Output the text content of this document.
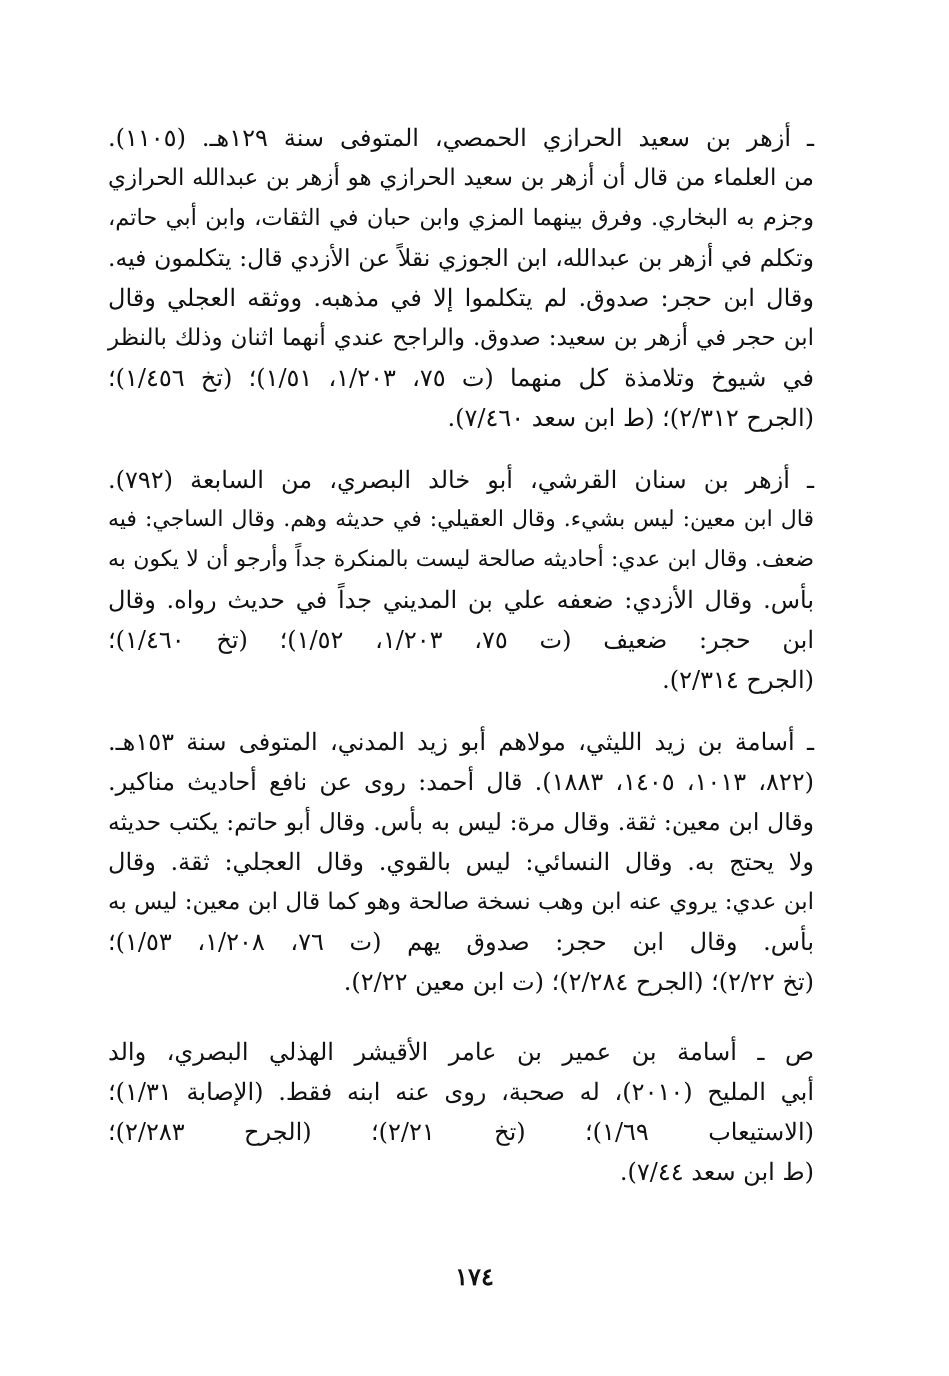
ـ أزهر بن سعيد الحرازي الحمصي، المتوفى سنة ١٢٩هـ. (١١٠٥).
من العلماء من قال أن أزهر بن سعيد الحرازي هو أزهر بن عبدالله الحرازي
وجزم به البخاري. وفرق بينهما المزي وابن حبان في الثقات، وابن أبي حاتم،
وتكلم في أزهر بن عبدالله، ابن الجوزي نقلاً عن الأزدي قال: يتكلمون فيه.
وقال ابن حجر: صدوق. لم يتكلموا إلا في مذهبه. ووثقه العجلي وقال
ابن حجر في أزهر بن سعيد: صدوق. والراجح عندي أنهما اثنان وذلك بالنظر
في شيوخ وتلامذة كل منهما (ت ٧٥، ١/٢٠٣، ١/٥١)؛ (تخ ١/٤٥٦)؛
(الجرح ٢/٣١٢)؛ (ط ابن سعد ٧/٤٦٠).
ـ أزهر بن سنان القرشي، أبو خالد البصري، من السابعة (٧٩٢).
قال ابن معين: ليس بشيء. وقال العقيلي: في حديثه وهم. وقال الساجي: فيه
ضعف. وقال ابن عدي: أحاديثه صالحة ليست بالمنكرة جداً وأرجو أن لا يكون به
بأس. وقال الأزدي: ضعفه علي بن المديني جداً في حديث رواه. وقال
ابن حجر: ضعيف (ت ٧٥، ١/٢٠٣، ١/٥٢)؛ (تخ ١/٤٦٠)؛
(الجرح ٢/٣١٤).
ـ أسامة بن زيد الليثي، مولاهم أبو زيد المدني، المتوفى سنة ١٥٣هـ.
(٨٢٢، ١٠١٣، ١٤٠٥، ١٨٨٣). قال أحمد: روى عن نافع أحاديث مناكير.
وقال ابن معين: ثقة. وقال مرة: ليس به بأس. وقال أبو حاتم: يكتب حديثه
ولا يحتج به. وقال النسائي: ليس بالقوي. وقال العجلي: ثقة. وقال
ابن عدي: يروي عنه ابن وهب نسخة صالحة وهو كما قال ابن معين: ليس به
بأس. وقال ابن حجر: صدوق يهم (ت ٧٦، ١/٢٠٨، ١/٥٣)؛
(تخ ٢/٢٢)؛ (الجرح ٢/٢٨٤)؛ (ت ابن معين ٢/٢٢).
ص ـ أسامة بن عمير بن عامر الأقيشر الهذلي البصري، والد
أبي المليح (٢٠١٠)، له صحبة، روى عنه ابنه فقط. (الإصابة ١/٣١)؛
(الاستيعاب ١/٦٩)؛ (تخ ٢/٢١)؛ (الجرح ٢/٢٨٣)؛
(ط ابن سعد ٧/٤٤).
١٧٤
